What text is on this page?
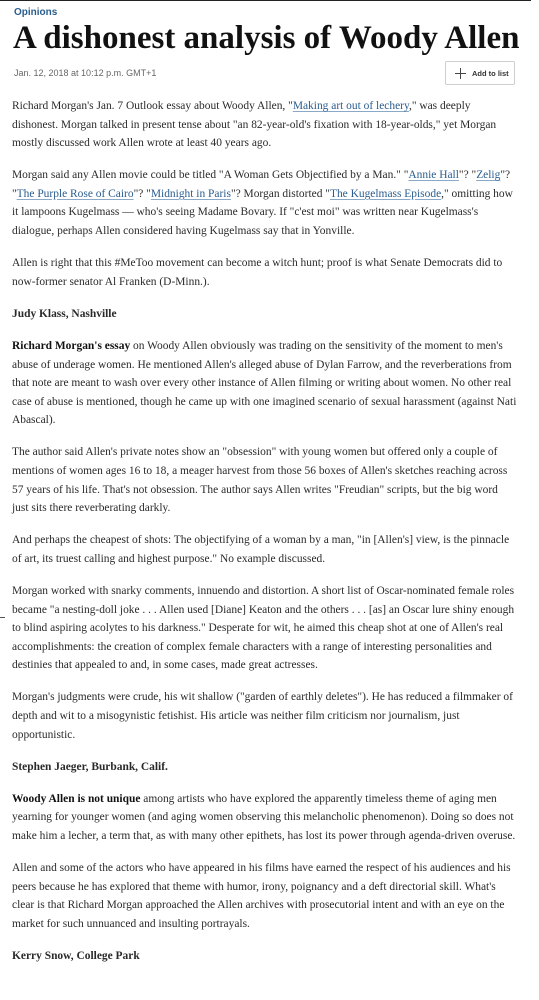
Opinions
A dishonest analysis of Woody Allen
Jan. 12, 2018 at 10:12 p.m. GMT+1	Add to list

Richard Morgan's Jan. 7 Outlook essay about Woody Allen, "Making art out of lechery," was deeply dishonest. Morgan talked in present tense about "an 82-year-old's fixation with 18-year-olds," yet Morgan mostly discussed work Allen wrote at least 40 years ago.

Morgan said any Allen movie could be titled "A Woman Gets Objectified by a Man." "Annie Hall"? "Zelig"? "The Purple Rose of Cairo"? "Midnight in Paris"? Morgan distorted "The Kugelmass Episode," omitting how it lampoons Kugelmass — who's seeing Madame Bovary. If "c'est moi" was written near Kugelmass's dialogue, perhaps Allen considered having Kugelmass say that in Yonville.

Allen is right that this #MeToo movement can become a witch hunt; proof is what Senate Democrats did to now-former senator Al Franken (D-Minn.).

Judy Klass, Nashville

Richard Morgan's essay on Woody Allen obviously was trading on the sensitivity of the moment to men's abuse of underage women. He mentioned Allen's alleged abuse of Dylan Farrow, and the reverberations from that note are meant to wash over every other instance of Allen filming or writing about women. No other real case of abuse is mentioned, though he came up with one imagined scenario of sexual harassment (against Nati Abascal).

The author said Allen's private notes show an "obsession" with young women but offered only a couple of mentions of women ages 16 to 18, a meager harvest from those 56 boxes of Allen's sketches reaching across 57 years of his life. That's not obsession. The author says Allen writes "Freudian" scripts, but the big word just sits there reverberating darkly.

And perhaps the cheapest of shots: The objectifying of a woman by a man, "in [Allen's] view, is the pinnacle of art, its truest calling and highest purpose." No example discussed.

Morgan worked with snarky comments, innuendo and distortion. A short list of Oscar-nominated female roles became "a nesting-doll joke . . . Allen used [Diane] Keaton and the others . . . [as] an Oscar lure shiny enough to blind aspiring acolytes to his darkness." Desperate for wit, he aimed this cheap shot at one of Allen's real accomplishments: the creation of complex female characters with a range of interesting personalities and destinies that appealed to and, in some cases, made great actresses.

Morgan's judgments were crude, his wit shallow ("garden of earthly deletes"). He has reduced a filmmaker of depth and wit to a misogynistic fetishist. His article was neither film criticism nor journalism, just opportunistic.

Stephen Jaeger, Burbank, Calif.

Woody Allen is not unique among artists who have explored the apparently timeless theme of aging men yearning for younger women (and aging women observing this melancholic phenomenon). Doing so does not make him a lecher, a term that, as with many other epithets, has lost its power through agenda-driven overuse.

Allen and some of the actors who have appeared in his films have earned the respect of his audiences and his peers because he has explored that theme with humor, irony, poignancy and a deft directorial skill. What's clear is that Richard Morgan approached the Allen archives with prosecutorial intent and with an eye on the market for such unnuanced and insulting portrayals.

Kerry Snow, College Park
